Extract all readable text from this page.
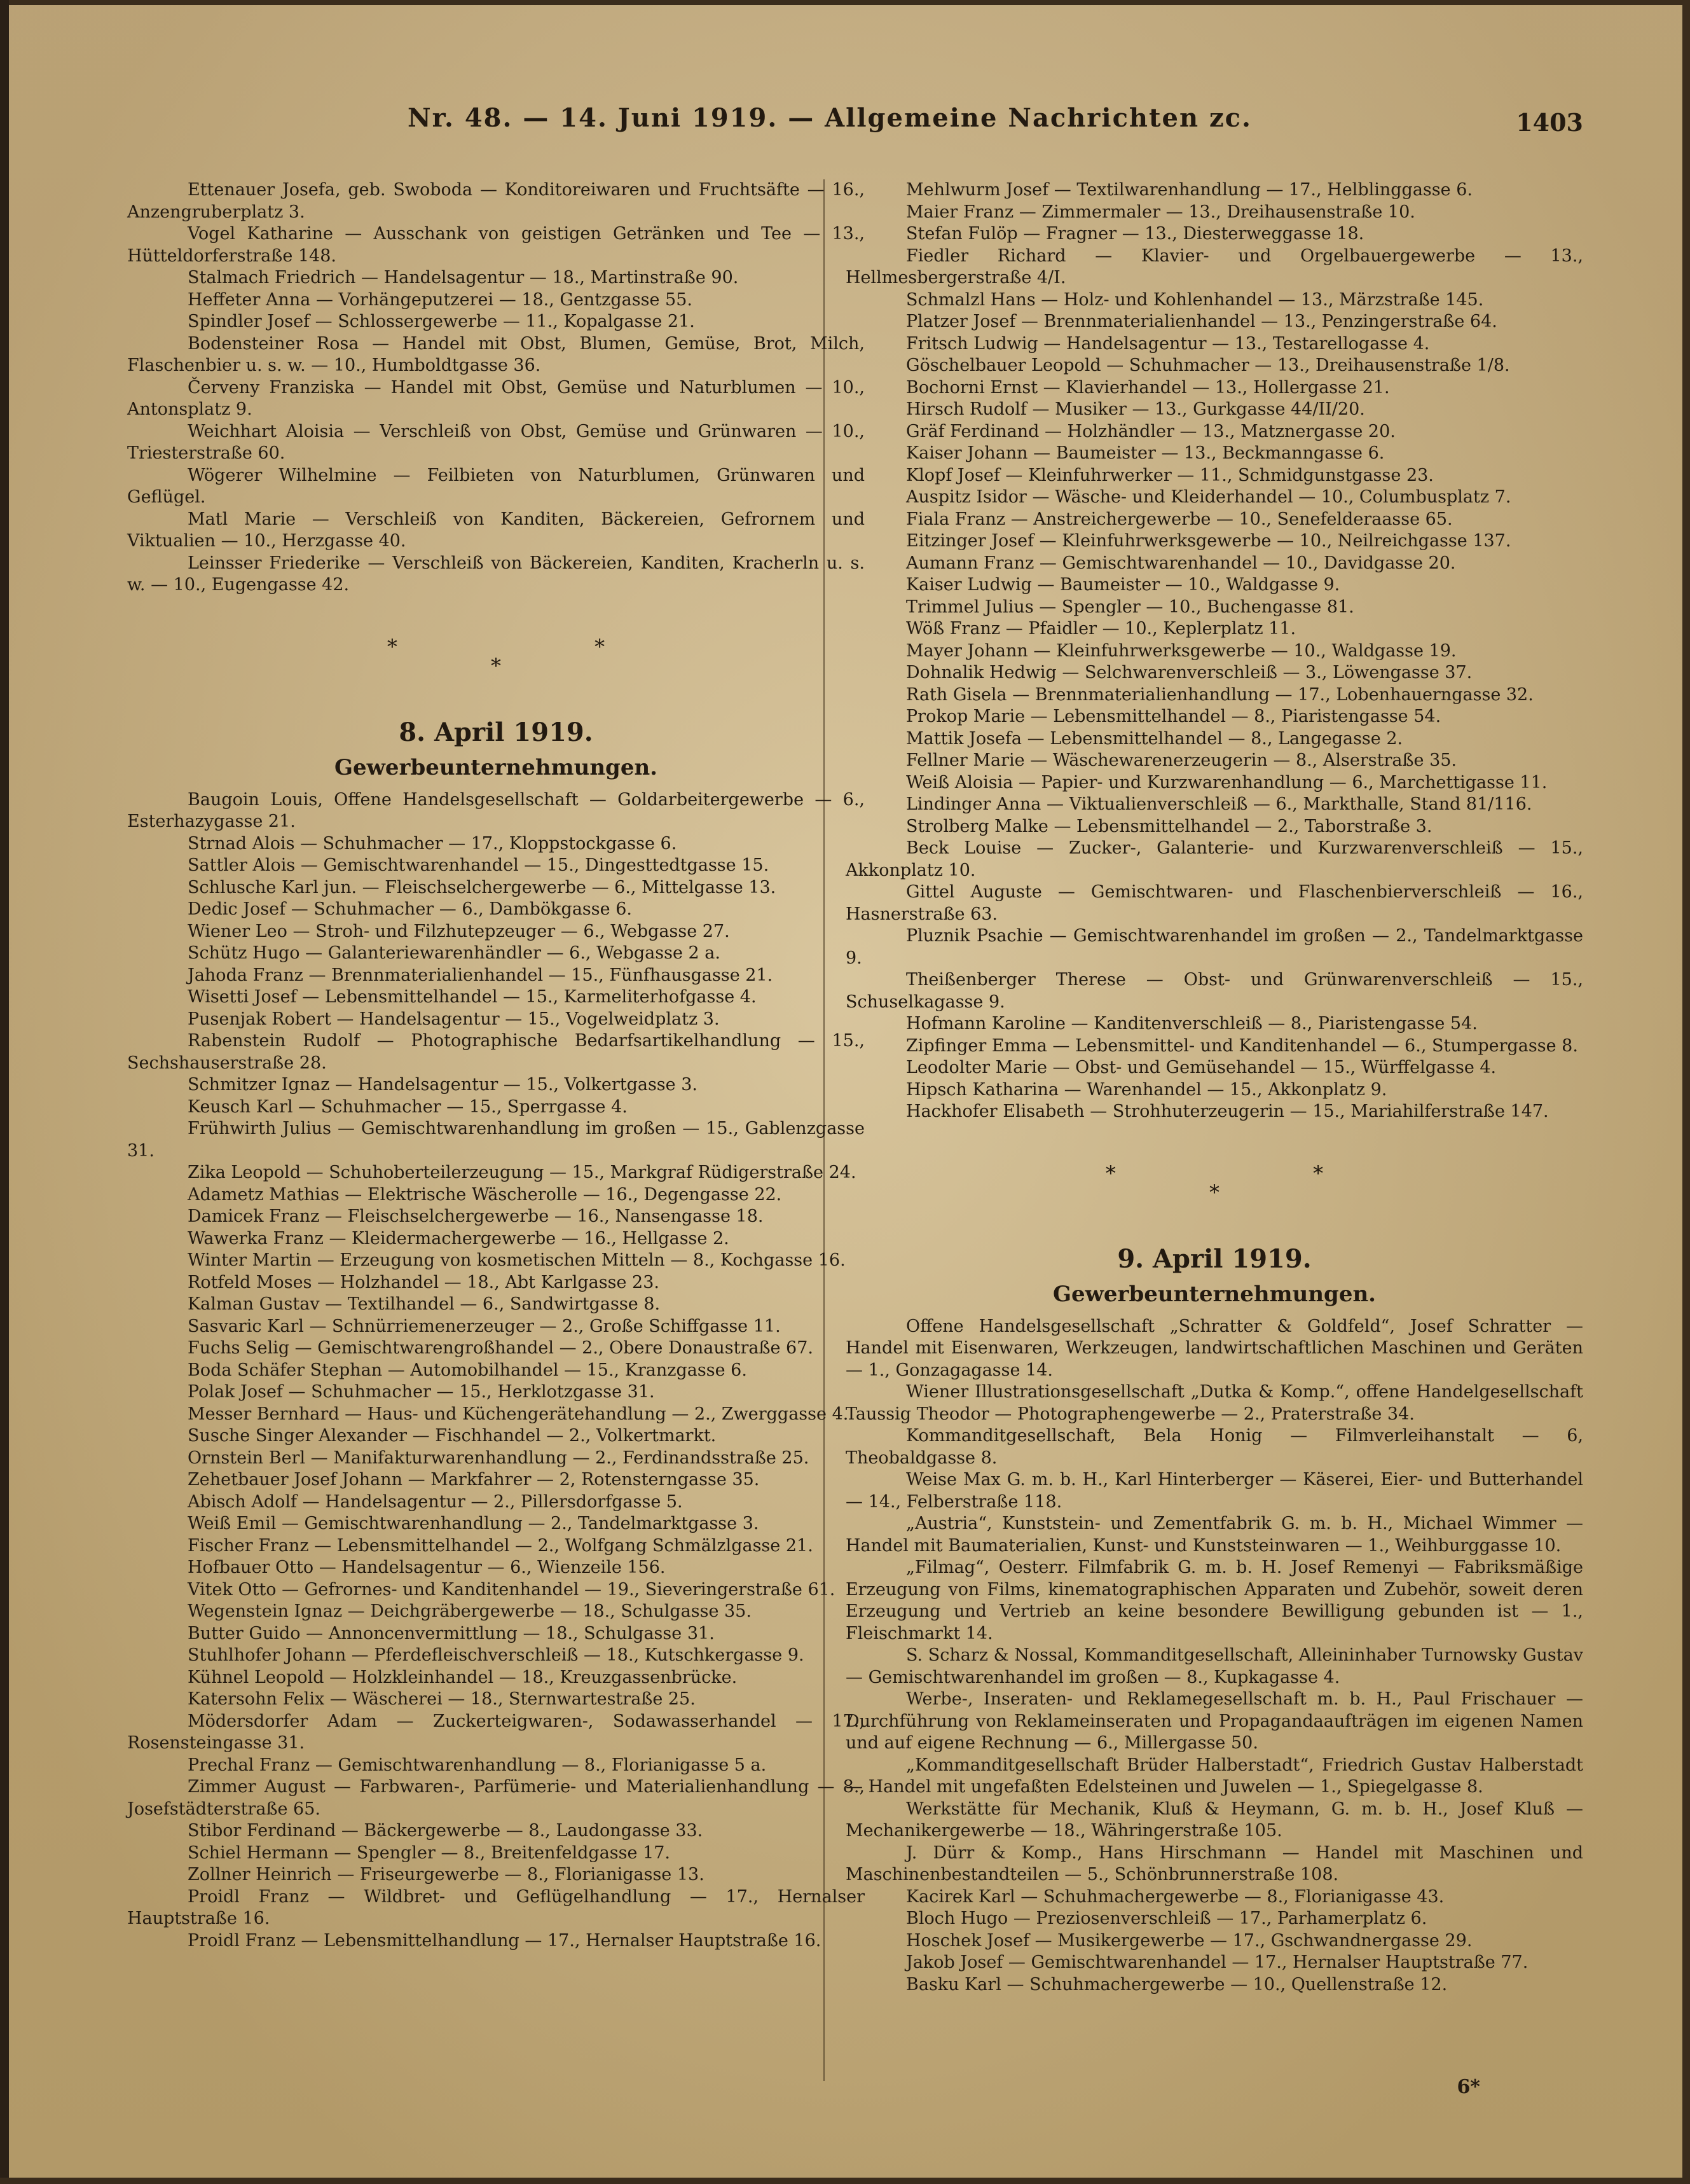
Nr. 48. — 14. Juni 1919. — Allgemeine Nachrichten zc.	1403

Ettenauer Josefa, geb. Swoboda — Konditoreiwaren und Fruchtsäfte — 16., Anzengruberplatz 3.

Vogel Katharine — Ausschank von geistigen Getränken und Tee — 13., Hütteldorferstraße 148.

Stalmach Friedrich — Handelsagentur — 18., Martinstraße 90.

Heffeter Anna — Vorhängeputzerei — 18., Gentzgasse 55.

Spindler Josef — Schlossergewerbe — 11., Kopalgasse 21.

Bodensteiner Rosa — Handel mit Obst, Blumen, Gemüse, Brot, Milch, Flaschenbier u. s. w. — 10., Humboldtgasse 36.

Červeny Franziska — Handel mit Obst, Gemüse und Naturblumen — 10., Antonsplatz 9.

Weichhart Aloisia — Verschleiß von Obst, Gemüse und Grünwaren — 10., Triesterstraße 60.

Wögerer Wilhelmine — Feilbieten von Naturblumen, Grünwaren und Geflügel.

Matl Marie — Verschleiß von Kanditen, Bäckereien, Gefrornem und Viktualien — 10., Herzgasse 40.

Leinsser Friederike — Verschleiß von Bäckereien, Kanditen, Kracherln u. s. w. — 10., Eugengasse 42.

* *
*
8. April 1919.
Gewerbeunternehmungen.

Baugoin Louis, Offene Handelsgesellschaft — Goldarbeitergewerbe — 6., Esterhazygasse 21.

Strnad Alois — Schuhmacher — 17., Kloppstockgasse 6.

Sattler Alois — Gemischtwarenhandel — 15., Dingesttedtgasse 15.

Schlusche Karl jun. — Fleischselchergewerbe — 6., Mittelgasse 13.

Dedic Josef — Schuhmacher — 6., Dambökgasse 6.

Wiener Leo — Stroh- und Filzhutерzeuger — 6., Webgasse 27.

Schütz Hugo — Galanteriewarenhändler — 6., Webgasse 2 a.

Jahoda Franz — Brennmaterialienhandel — 15., Fünfhausgasse 21.

Wisetti Josef — Lebensmittelhandel — 15., Karmeliterhofgasse 4.

Pusenjak Robert — Handelsagentur — 15., Vogelweidplatz 3.

Rabenstein Rudolf — Photographische Bedarfsartikelhandlung — 15., Sechshauserstraße 28.

Schmitzer Ignaz — Handelsagentur — 15., Volkertgasse 3.

Keusch Karl — Schuhmacher — 15., Sperrgasse 4.

Frühwirth Julius — Gemischtwarenhandlung im großen — 15., Gablenzgasse 31.

Zika Leopold — Schuhoberteilerzeugung — 15., Markgraf Rüdigerstraße 24.

Adametz Mathias — Elektrische Wäscherolle — 16., Degengasse 22.

Damicek Franz — Fleischselchergewerbe — 16., Nansengasse 18.

Wawerka Franz — Kleidermachergewerbe — 16., Hellgasse 2.

Winter Martin — Erzeugung von kosmetischen Mitteln — 8., Kochgasse 16.

Rotfeld Moses — Holzhandel — 18., Abt Karlgasse 23.

Kalman Gustav — Textilhandel — 6., Sandwirtgasse 8.

Sasvaric Karl — Schnürriemenerzeuger — 2., Große Schiffgasse 11.

Fuchs Selig — Gemischtwarengroßhandel — 2., Obere Donaustraße 67.

Boda Schäfer Stephan — Automobilhandel — 15., Kranzgasse 6.

Polak Josef — Schuhmacher — 15., Herklotzgasse 31.

Messer Bernhard — Haus- und Küchengerätehandlung — 2., Zwerggasse 4.

Susche Singer Alexander — Fischhandel — 2., Volkertmarkt.

Ornstein Berl — Manifakturwarenhandlung — 2., Ferdinandsstraße 25.

Zehetbauer Josef Johann — Markfahrer — 2, Rotensterngasse 35.

Abisch Adolf — Handelsagentur — 2., Pillersdorfgasse 5.

Weiß Emil — Gemischtwarenhandlung — 2., Tandelmarktgasse 3.

Fischer Franz — Lebensmittelhandel — 2., Wolfgang Schmälzlgasse 21.

Hofbauer Otto — Handelsagentur — 6., Wienzeile 156.

Vitek Otto — Gefrornes- und Kanditenhandel — 19., Sieveringerstraße 61.

Wegenstein Ignaz — Deichgräbergewerbe — 18., Schulgasse 35.

Butter Guido — Annoncenvermittlung — 18., Schulgasse 31.

Stuhlhofer Johann — Pferdefleischverschleiß — 18., Kutschkergasse 9.

Kühnel Leopold — Holzkleinhandel — 18., Kreuzgassenbrücke.

Katersohn Felix — Wäscherei — 18., Sternwartestraße 25.

Mödersdorfer Adam — Zuckerteigwaren-, Sodawasserhandel — 17., Rosensteingasse 31.

Prechal Franz — Gemischtwarenhandlung — 8., Florianigasse 5 a.

Zimmer August — Farbwaren-, Parfümerie- und Materialienhandlung — 8., Josefstädterstraße 65.

Stibor Ferdinand — Bäckergewerbe — 8., Laudongasse 33.

Schiel Hermann — Spengler — 8., Breitenfeldgasse 17.

Zollner Heinrich — Friseurgewerbe — 8., Florianigasse 13.

Proidl Franz — Wildbret- und Geflügelhandlung — 17., Hernalser Hauptstraße 16.

Proidl Franz — Lebensmittelhandlung — 17., Hernalser Hauptstraße 16.

Mehlwurm Josef — Textilwarenhandlung — 17., Helblinggasse 6.

Maier Franz — Zimmermaler — 13., Dreihausenstraße 10.

Stefan Fulöp — Fragner — 13., Diesterweggasse 18.

Fiedler Richard — Klavier- und Orgelbauergewerbe — 13., Hellmesbergerstraße 4/I.

Schmalzl Hans — Holz- und Kohlenhandel — 13., Märzstraße 145.

Platzer Josef — Brennmaterialienhandel — 13., Penzingerstraße 64.

Fritsch Ludwig — Handelsagentur — 13., Testarellogasse 4.

Göschelbauer Leopold — Schuhmacher — 13., Dreihausenstraße 1/8.

Bochorni Ernst — Klavierhandel — 13., Hollergasse 21.

Hirsch Rudolf — Musiker — 13., Gurkgasse 44/II/20.

Gräf Ferdinand — Holzhändler — 13., Matznergasse 20.

Kaiser Johann — Baumeister — 13., Beckmanngasse 6.

Klopf Josef — Kleinfuhrwerker — 11., Schmidgunstgasse 23.

Auspitz Isidor — Wäsche- und Kleiderhandel — 10., Columbusplatz 7.

Fiala Franz — Anstreichergewerbe — 10., Senefelderaasse 65.

Eitzinger Josef — Kleinfuhrwerksgewerbe — 10., Neilreichgasse 137.

Aumann Franz — Gemischtwarenhandel — 10., Davidgasse 20.

Kaiser Ludwig — Baumeister — 10., Waldgasse 9.

Trimmel Julius — Spengler — 10., Buchengasse 81.

Wöß Franz — Pfaidler — 10., Keplerplatz 11.

Mayer Johann — Kleinfuhrwerksgewerbe — 10., Waldgasse 19.

Dohnalik Hedwig — Selchwarenverschleiß — 3., Löwengasse 37.

Rath Gisela — Brennmaterialienhandlung — 17., Lobenhauerngasse 32.

Prokop Marie — Lebensmittelhandel — 8., Piaristengasse 54.

Mattik Josefa — Lebensmittelhandel — 8., Langegasse 2.

Fellner Marie — Wäschewarenerzeugerin — 8., Alserstraße 35.

Weiß Aloisia — Papier- und Kurzwarenhandlung — 6., Marchettigasse 11.

Lindinger Anna — Viktualienverschleiß — 6., Markthalle, Stand 81/116.

Strolberg Malke — Lebensmittelhandel — 2., Taborstraße 3.

Beck Louise — Zucker-, Galanterie- und Kurzwarenverschleiß — 15., Akkonplatz 10.

Gittel Auguste — Gemischtwaren- und Flaschenbierverschleiß — 16., Hasnerstraße 63.

Pluznik Psachie — Gemischtwarenhandel im großen — 2., Tandelmarktgasse 9.

Theißenberger Therese — Obst- und Grünwarenverschleiß — 15., Schuselkagasse 9.

Hofmann Karoline — Kanditenverschleiß — 8., Piaristengasse 54.

Zipfinger Emma — Lebensmittel- und Kanditenhandel — 6., Stumpergasse 8.

Leodolter Marie — Obst- und Gemüsehandel — 15., Würffelgasse 4.

Hipsch Katharina — Warenhandel — 15., Akkonplatz 9.

Hackhofer Elisabeth — Strohhuterzeugerin — 15., Mariahilferstraße 147.

* *
*
9. April 1919.
Gewerbeunternehmungen.

Offene Handelsgesellschaft „Schratter & Goldfeld“, Josef Schratter — Handel mit Eisenwaren, Werkzeugen, landwirtschaftlichen Maschinen und Geräten — 1., Gonzagagasse 14.

Wiener Illustrationsgesellschaft „Dutka & Komp.“, offene Handelgesellschaft Taussig Theodor — Photographengewerbe — 2., Praterstraße 34.

Kommanditgesellschaft, Bela Honig — Filmverleihanstalt — 6, Theobaldgasse 8.

Weise Max G. m. b. H., Karl Hinterberger — Käserei, Eier- und Butterhandel — 14., Felberstraße 118.

„Austria“, Kunststein- und Zementfabrik G. m. b. H., Michael Wimmer — Handel mit Baumaterialien, Kunst- und Kunststeinwaren — 1., Weihburggasse 10.

„Filmag“, Oesterr. Filmfabrik G. m. b. H. Josef Remenyi — Fabriksmäßige Erzeugung von Films, kinematographischen Apparaten und Zubehör, soweit deren Erzeugung und Vertrieb an keine besondere Bewilligung gebunden ist — 1., Fleischmarkt 14.

S. Scharz & Nossal, Kommanditgesellschaft, Alleininhaber Turnowsky Gustav — Gemischtwarenhandel im großen — 8., Kupkagasse 4.

Werbe-, Inseraten- und Reklamegesellschaft m. b. H., Paul Frischauer — Durchführung von Reklameinseraten und Propagandaaufträgen im eigenen Namen und auf eigene Rechnung — 6., Millergasse 50.

„Kommanditgesellschaft Brüder Halberstadt“, Friedrich Gustav Halberstadt — Handel mit ungefaßten Edelsteinen und Juwelen — 1., Spiegelgasse 8.

Werkstätte für Mechanik, Kluß & Heymann, G. m. b. H., Josef Kluß — Mechanikergewerbe — 18., Währingerstraße 105.

J. Dürr & Komp., Hans Hirschmann — Handel mit Maschinen und Maschinenbestandteilen — 5., Schönbrunnerstraße 108.

Kacirek Karl — Schuhmachergewerbe — 8., Florianigasse 43.

Bloch Hugo — Preziosenverschleiß — 17., Parhamerplatz 6.

Hoschek Josef — Musikergewerbe — 17., Gschwandnergasse 29.

Jakob Josef — Gemischtwarenhandel — 17., Hernalser Hauptstraße 77.

Basku Karl — Schuhmachergewerbe — 10., Quellenstraße 12.

6*
